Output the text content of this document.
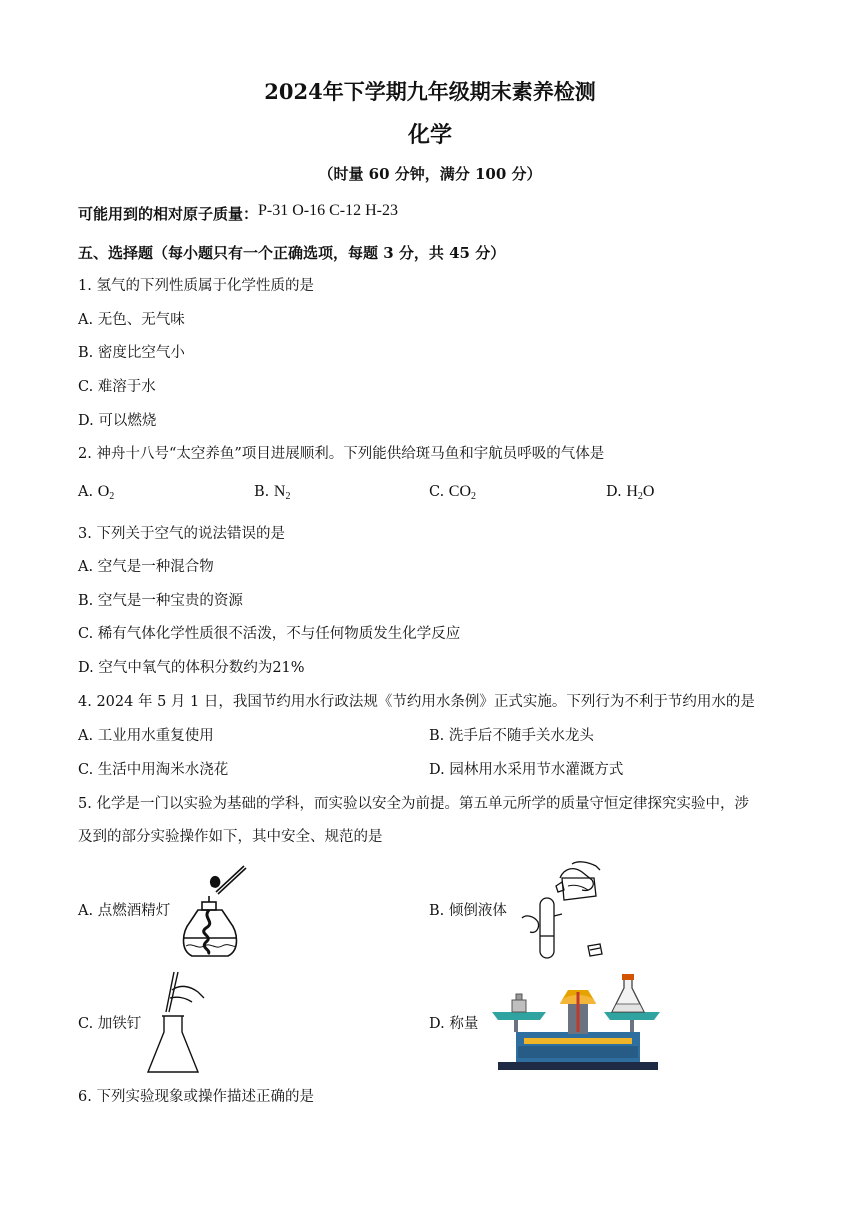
2024年下学期九年级期末素养检测
化学
（时量 60 分钟，满分 100 分）
可能用到的相对原子质量：P-31 O-16 C-12 H-23
五、选择题（每小题只有一个正确选项，每题 3 分，共 45 分）
1. 氢气的下列性质属于化学性质的是
A. 无色、无气味
B. 密度比空气小
C. 难溶于水
D. 可以燃烧
2. 神舟十八号“太空养鱼”项目进展顺利。下列能供给斑马鱼和宇航员呼吸的气体是
A. $O_2$	B. $N_2$	C. $CO_2$	D. $H_2O$
3. 下列关于空气的说法错误的是
A. 空气是一种混合物
B. 空气是一种宝贵的资源
C. 稀有气体化学性质很不活泼，不与任何物质发生化学反应
D. 空气中氧气的体积分数约为21%
4. 2024 年 5 月 1 日，我国节约用水行政法规《节约用水条例》正式实施。下列行为不利于节约用水的是
A. 工业用水重复使用	B. 洗手后不随手关水龙头
C. 生活中用淘米水浇花	D. 园林用水采用节水灌溉方式
5. 化学是一门以实验为基础的学科，而实验以安全为前提。第五单元所学的质量守恒定律探究实验中，涉
及到的部分实验操作如下，其中安全、规范的是
A. 点燃酒精灯	B. 倾倒液体
C. 加铁钉	D. 称量
6. 下列实验现象或操作描述正确的是
